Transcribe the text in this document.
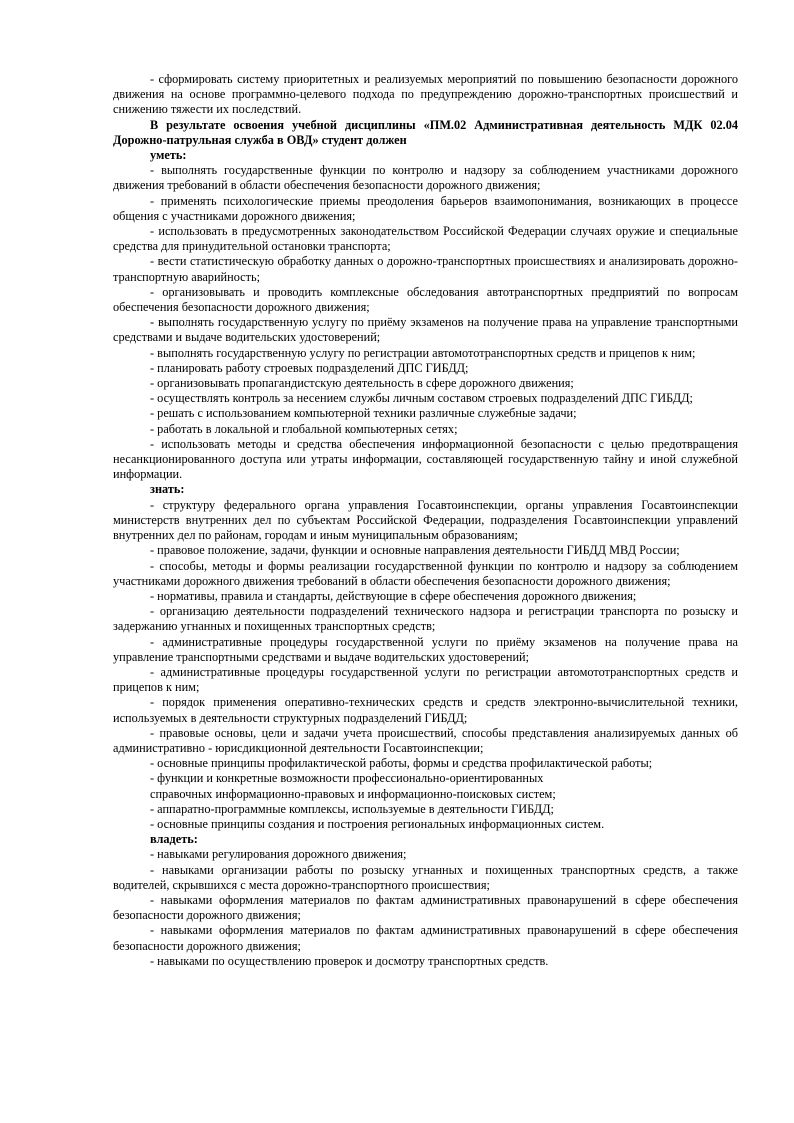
- сформировать систему приоритетных и реализуемых мероприятий по повышению безопасности дорожного движения на основе программно-целевого подхода по предупреждению дорожно-транспортных происшествий и снижению тяжести их последствий.

В результате освоения учебной дисциплины «ПМ.02 Административная деятельность МДК 02.04 Дорожно-патрульная служба в ОВД» студент должен

уметь:

- выполнять государственные функции по контролю и надзору за соблюдением участниками дорожного движения требований в области обеспечения безопасности дорожного движения;

- применять психологические приемы преодоления барьеров взаимопонимания, возникающих в процессе общения с участниками дорожного движения;

- использовать в предусмотренных законодательством Российской Федерации случаях оружие и специальные средства для принудительной остановки транспорта;

- вести статистическую обработку данных о дорожно-транспортных происшествиях и анализировать дорожно-транспортную аварийность;

- организовывать и проводить комплексные обследования автотранспортных предприятий по вопросам обеспечения безопасности дорожного движения;

- выполнять государственную услугу по приёму экзаменов на получение права на управление транспортными средствами и выдаче водительских удостоверений;

- выполнять государственную услугу по регистрации автомототранспортных средств и прицепов к ним;

- планировать работу строевых подразделений ДПС ГИБДД;

- организовывать пропагандистскую деятельность в сфере дорожного движения;

- осуществлять контроль за несением службы личным составом строевых подразделений ДПС ГИБДД;

- решать с использованием компьютерной техники различные служебные задачи;

- работать в локальной и глобальной компьютерных сетях;

- использовать методы и средства обеспечения информационной безопасности с целью предотвращения несанкционированного доступа или утраты информации, составляющей государственную тайну и иной служебной информации.

знать:

- структуру федерального органа управления Госавтоинспекции, органы управления Госавтоинспекции министерств внутренних дел по субъектам Российской Федерации, подразделения Госавтоинспекции управлений внутренних дел по районам, городам и иным муниципальным образованиям;

- правовое положение, задачи, функции и основные направления деятельности ГИБДД МВД России;

- способы, методы и формы реализации государственной функции по контролю и надзору за соблюдением участниками дорожного движения требований в области обеспечения безопасности дорожного движения;

- нормативы, правила и стандарты, действующие в сфере обеспечения дорожного движения;

- организацию деятельности подразделений технического надзора и регистрации транспорта по розыску и задержанию угнанных и похищенных транспортных средств;

- административные процедуры государственной услуги по приёму экзаменов на получение права на управление транспортными средствами и выдаче водительских удостоверений;

- административные процедуры государственной услуги по регистрации автомототранспортных средств и прицепов к ним;

- порядок применения оперативно-технических средств и средств электронно-вычислительной техники, используемых в деятельности структурных подразделений ГИБДД;

- правовые основы, цели и задачи учета происшествий, способы представления анализируемых данных об административно - юрисдикционной деятельности Госавтоинспекции;

- основные принципы профилактической работы, формы и средства профилактической работы;

- функции и конкретные возможности профессионально-ориентированных

справочных информационно-правовых и информационно-поисковых систем;

- аппаратно-программные комплексы, используемые в деятельности ГИБДД;

- основные принципы создания и построения региональных информационных систем.

владеть:

- навыками регулирования дорожного движения;

- навыками организации работы по розыску угнанных и похищенных транспортных средств, а также водителей, скрывшихся с места дорожно-транспортного происшествия;

- навыками оформления материалов по фактам административных правонарушений в сфере обеспечения безопасности дорожного движения;

- навыками оформления материалов по фактам административных правонарушений в сфере обеспечения безопасности дорожного движения;

- навыками по осуществлению проверок и досмотру транспортных средств.
